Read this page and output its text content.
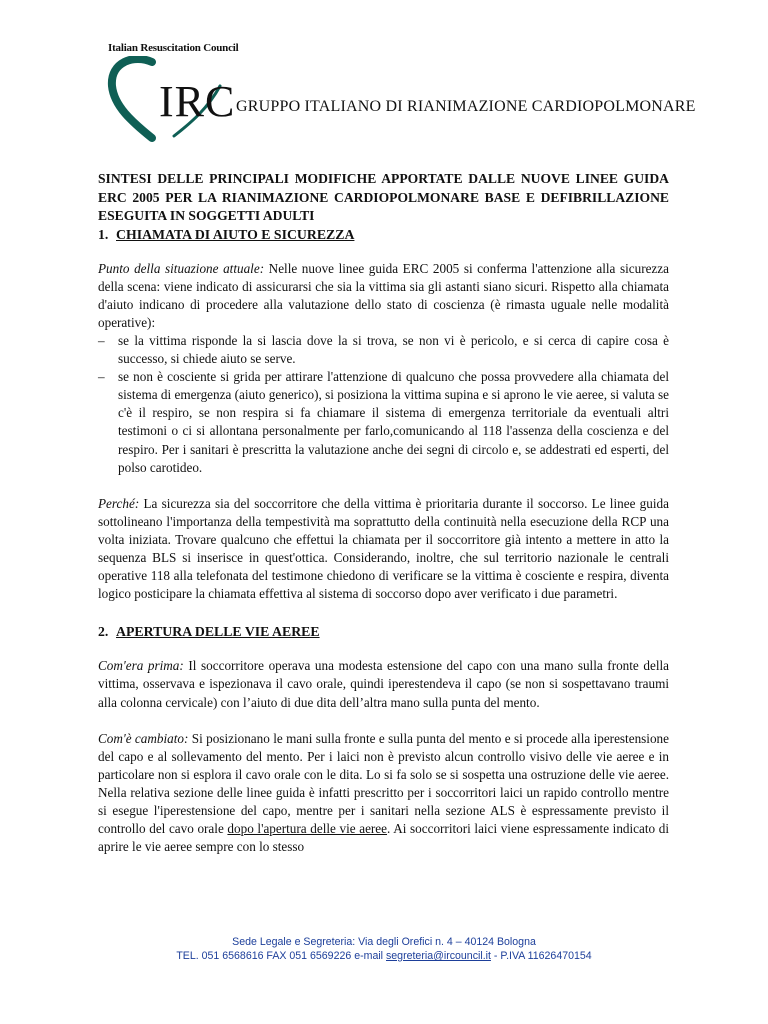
Italian Resuscitation Council
IRC GRUPPO ITALIANO DI RIANIMAZIONE CARDIOPOLMONARE

SINTESI DELLE PRINCIPALI MODIFICHE APPORTATE DALLE NUOVE LINEE GUIDA ERC 2005 PER LA RIANIMAZIONE CARDIOPOLMONARE BASE E DEFIBRILLAZIONE ESEGUITA IN SOGGETTI ADULTI

1. CHIAMATA DI AIUTO E SICUREZZA

Punto della situazione attuale: Nelle nuove linee guida ERC 2005 si conferma l'attenzione alla sicurezza della scena: viene indicato di assicurarsi che sia la vittima sia gli astanti siano sicuri. Rispetto alla chiamata d'aiuto indicano di procedere alla valutazione dello stato di coscienza (è rimasta uguale nelle modalità operative):

– se la vittima risponde la si lascia dove la si trova, se non vi è pericolo, e si cerca di capire cosa è successo, si chiede aiuto se serve.
– se non è cosciente si grida per attirare l'attenzione di qualcuno che possa provvedere alla chiamata del sistema di emergenza (aiuto generico), si posiziona la vittima supina e si aprono le vie aeree, si valuta se c'è il respiro, se non respira si fa chiamare il sistema di emergenza territoriale da eventuali altri testimoni o ci si allontana personalmente per farlo,comunicando al 118 l'assenza della coscienza e del respiro. Per i sanitari è prescritta la valutazione anche dei segni di circolo e, se addestrati ed esperti, del polso carotideo.

Perché: La sicurezza sia del soccorritore che della vittima è prioritaria durante il soccorso. Le linee guida sottolineano l'importanza della tempestività ma soprattutto della continuità nella esecuzione della RCP una volta iniziata. Trovare qualcuno che effettui la chiamata per il soccorritore già intento a mettere in atto la sequenza BLS si inserisce in quest'ottica. Considerando, inoltre, che sul territorio nazionale le centrali operative 118 alla telefonata del testimone chiedono di verificare se la vittima è cosciente e respira, diventa logico posticipare la chiamata effettiva al sistema di soccorso dopo aver verificato i due parametri.

2. APERTURA DELLE VIE AEREE

Com'era prima: Il soccorritore operava una modesta estensione del capo con una mano sulla fronte della vittima, osservava e ispezionava il cavo orale, quindi iperestendeva il capo (se non si sospettavano traumi alla colonna cervicale) con l’aiuto di due dita dell’altra mano sulla punta del mento.

Com'è cambiato: Si posizionano le mani sulla fronte e sulla punta del mento e si procede alla iperestensione del capo e al sollevamento del mento. Per i laici non è previsto alcun controllo visivo delle vie aeree e in particolare non si esplora il cavo orale con le dita. Lo si fa solo se si sospetta una ostruzione delle vie aeree. Nella relativa sezione delle linee guida è infatti prescritto per i soccorritori laici un rapido controllo mentre si esegue l'iperestensione del capo, mentre per i sanitari nella sezione ALS è espressamente previsto il controllo del cavo orale dopo l'apertura delle vie aeree. Ai soccorritori laici viene espressamente indicato di aprire le vie aeree sempre con lo stesso

Sede Legale e Segreteria: Via degli Orefici n. 4 – 40124 Bologna
TEL. 051 6568616 FAX 051 6569226 e-mail segreteria@ircouncil.it - P.IVA 11626470154
